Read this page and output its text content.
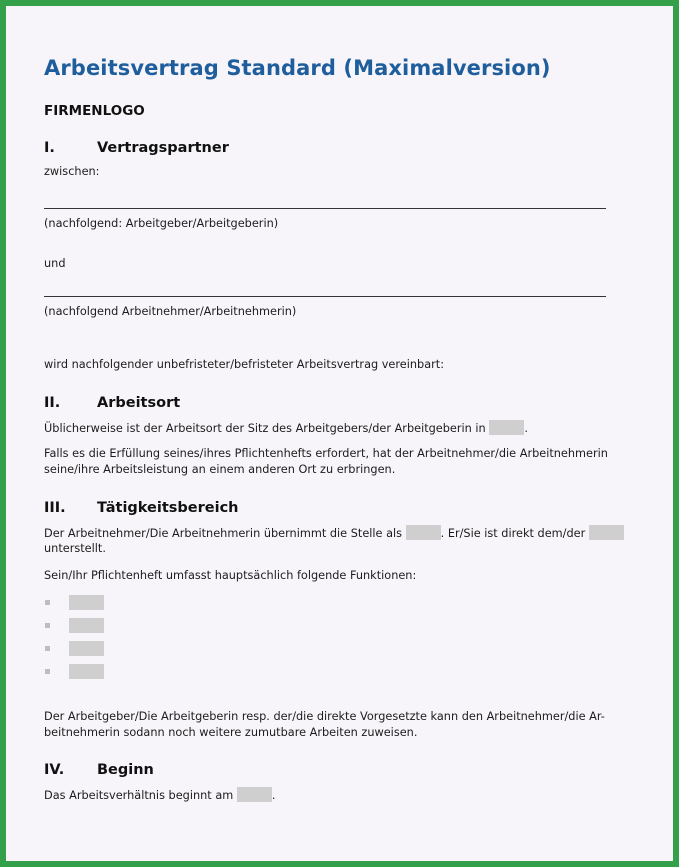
Arbeitsvertrag Standard (Maximalversion)
FIRMENLOGO
I.	Vertragspartner
zwischen:
(nachfolgend: Arbeitgeber/Arbeitgeberin)
und
(nachfolgend Arbeitnehmer/Arbeitnehmerin)
wird nachfolgender unbefristeter/befristeter Arbeitsvertrag vereinbart:
II.	Arbeitsort
Üblicherweise ist der Arbeitsort der Sitz des Arbeitgebers/der Arbeitgeberin in	.
Falls es die Erfüllung seines/ihres Pflichtenhefts erfordert, hat der Arbeitnehmer/die Arbeitnehmerin
seine/ihre Arbeitsleistung an einem anderen Ort zu erbringen.
III. Tätigkeitsbereich
Der Arbeitnehmer/Die Arbeitnehmerin übernimmt die Stelle als	. Er/Sie ist direkt dem/der
unterstellt.
Sein/Ihr Pflichtenheft umfasst hauptsächlich folgende Funktionen:
Der Arbeitgeber/Die Arbeitgeberin resp. der/die direkte Vorgesetzte kann den Arbeitnehmer/die Ar-
beitnehmerin sodann noch weitere zumutbare Arbeiten zuweisen.
IV. Beginn
Das Arbeitsverhältnis beginnt am	.
